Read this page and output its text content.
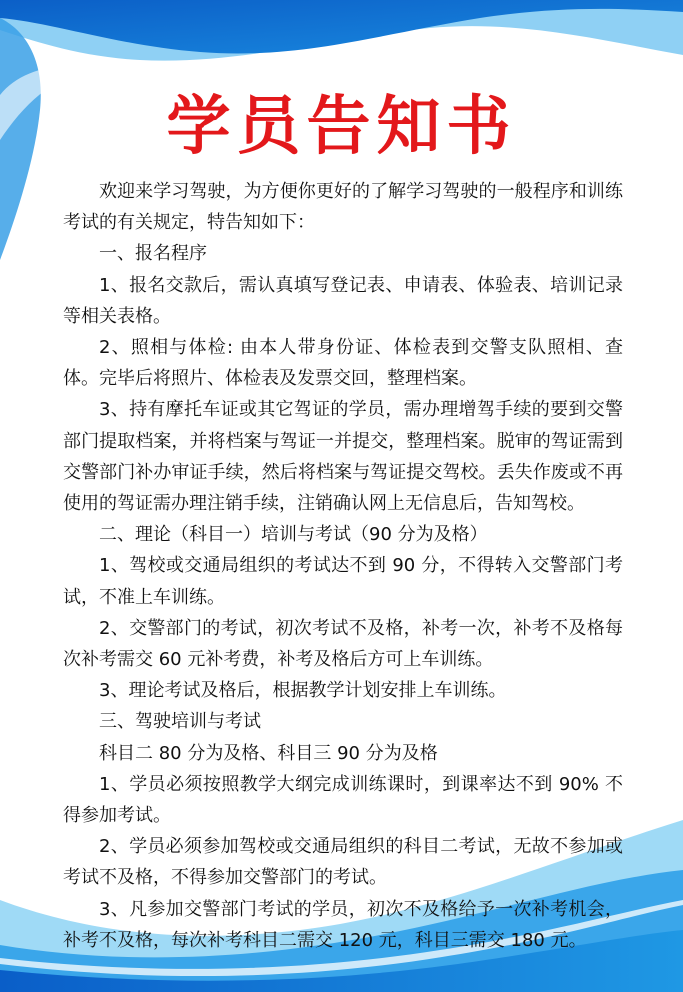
学员告知书

欢迎来学习驾驶，为方便你更好的了解学习驾驶的一般程序和训练考试的有关规定，特告知如下：

一、报名程序

1、报名交款后，需认真填写登记表、申请表、体验表、培训记录等相关表格。

2、照相与体检: 由本人带身份证、体检表到交警支队照相、查体。完毕后将照片、体检表及发票交回，整理档案。

3、持有摩托车证或其它驾证的学员，需办理增驾手续的要到交警部门提取档案，并将档案与驾证一并提交，整理档案。脱审的驾证需到交警部门补办审证手续，然后将档案与驾证提交驾校。丢失作废或不再使用的驾证需办理注销手续，注销确认网上无信息后，告知驾校。

二、理论（科目一）培训与考试（90 分为及格）

1、驾校或交通局组织的考试达不到 90 分，不得转入交警部门考试，不准上车训练。

2、交警部门的考试，初次考试不及格，补考一次，补考不及格每次补考需交 60 元补考费，补考及格后方可上车训练。

3、理论考试及格后，根据教学计划安排上车训练。

三、驾驶培训与考试

科目二 80 分为及格、科目三 90 分为及格

1、学员必须按照教学大纲完成训练课时，到课率达不到 90% 不得参加考试。

2、学员必须参加驾校或交通局组织的科目二考试，无故不参加或考试不及格，不得参加交警部门的考试。

3、凡参加交警部门考试的学员，初次不及格给予一次补考机会，补考不及格，每次补考科目二需交 120 元，科目三需交 180 元。
